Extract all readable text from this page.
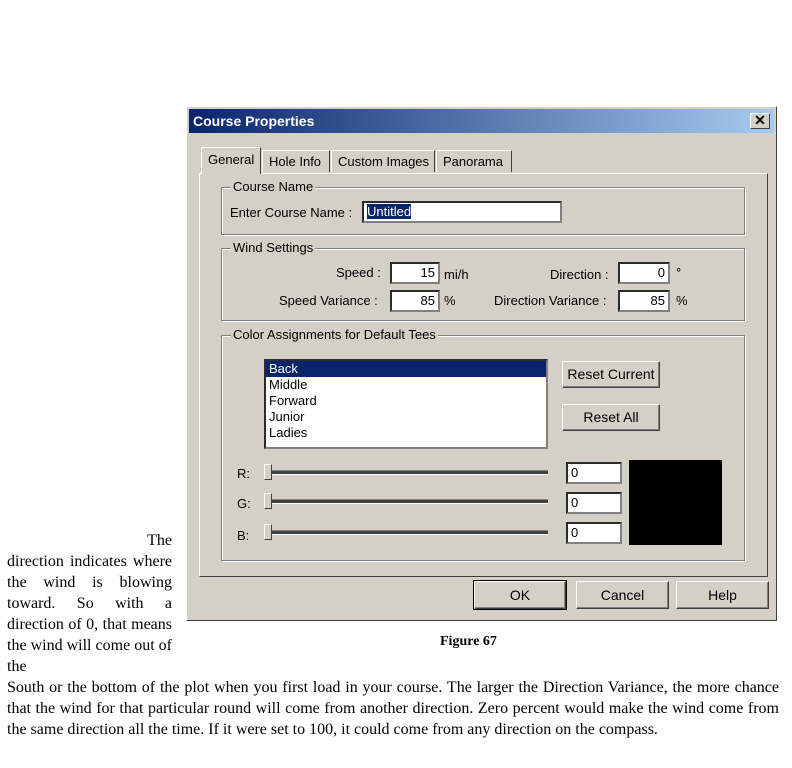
Course Properties	✕
General	Hole Info	Custom Images	Panorama
Course Name
Enter Course Name :	Untitled
Wind Settings
Speed :	15 mi/h	Direction :	0 °
Speed Variance :	85 %	Direction Variance :	85 %
Color Assignments for Default Tees
Back
Middle
Forward
Junior
Ladies
Reset Current
Reset All
R:	0
G:	0
B:	0
OK	Cancel	Help
Figure 67

The

direction indicates where the wind is blowing toward. So with a direction of 0, that means the wind will come out of the

South or the bottom of the plot when you first load in your course. The larger the Direction Variance, the more chance that the wind for that particular round will come from another direction. Zero percent would make the wind come from the same direction all the time. If it were set to 100, it could come from any direction on the compass.
